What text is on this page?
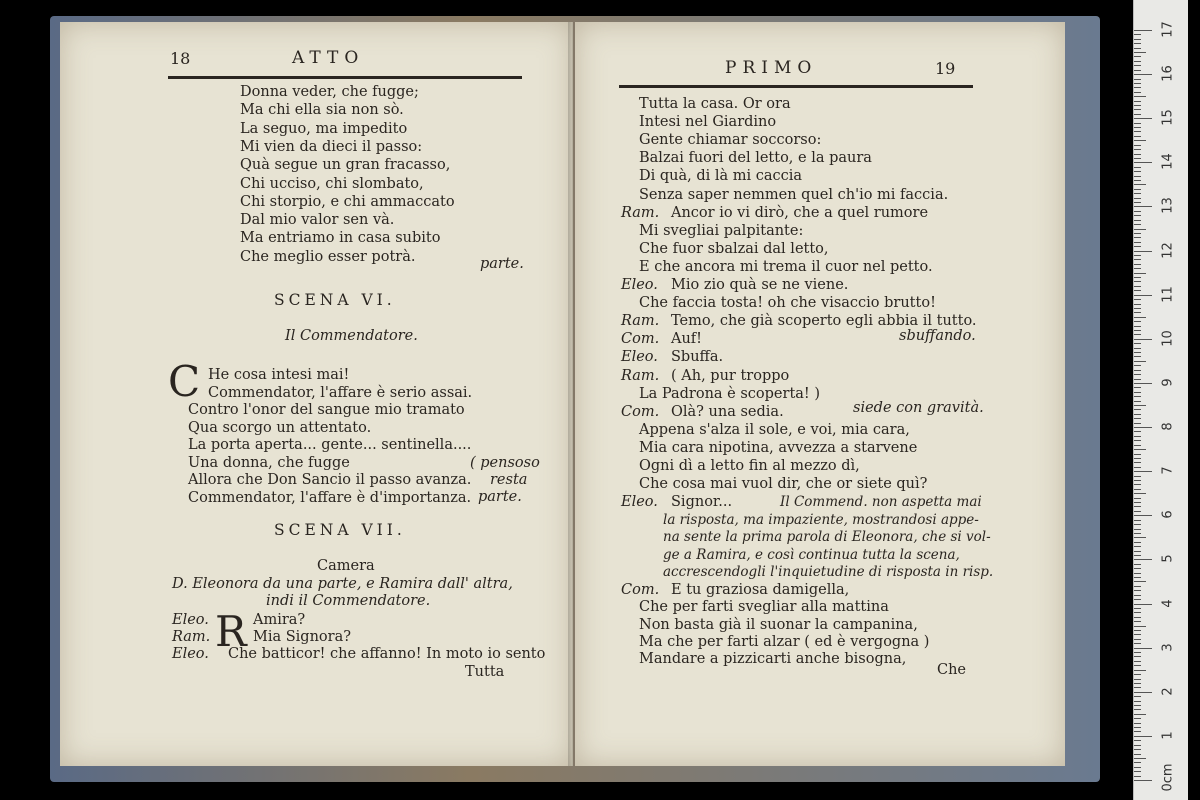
18	ATTO
Donna veder, che fugge;
Ma chi ella sia non sò.
La seguo, ma impedito
Mi vien da dieci il passo:
Quà segue un gran fracasso,
Chi ucciso, chi slombato,
Chi storpio, e chi ammaccato
Dal mio valor sen và.
Ma entriamo in casa subito
Che meglio esser potrà.	parte.
SCENA VI.
Il Commendatore.
C He cosa intesi mai!
Commendator, l'affare è serio assai.
Contro l'onor del sangue mio tramato
Qua scorgo un attentato.
La porta aperta... gente... sentinella....
Una donna, che fugge
Allora che Don Sancio il passo avanza.
Commendator, l'affare è d'importanza.
( pensoso
resta
parte.
SCENA VII.
Camera
D. Eleonora da una parte, e Ramira dall' altra,
indi il Commendatore.
R
Eleo.	Amira?
Ram.	Mia Signora?
Eleo. Che batticor! che affanno! In moto io sento
Tutta
PRIMO	19
Tutta la casa. Or ora
Intesi nel Giardino
Gente chiamar soccorso:
Balzai fuori del letto, e la paura
Di quà, di là mi caccia
Senza saper nemmen quel ch'io mi faccia.
Ram. Ancor io vi dirò, che a quel rumore
Mi svegliai palpitante:
Che fuor sbalzai dal letto,
E che ancora mi trema il cuor nel petto.
Eleo. Mio zio quà se ne viene.
Che faccia tosta! oh che visaccio brutto!
Ram. Temo, che già scoperto egli abbia il tutto.
Com. Auf!
Eleo. Sbuffa.
Ram. ( Ah, pur troppo
La Padrona è scoperta! )
Com. Olà? una sedia.
Appena s'alza il sole, e voi, mia cara,
Mia cara nipotina, avvezza a starvene
Ogni dì a letto fin al mezzo dì,
Che cosa mai vuol dir, che or siete quì?
Eleo. Signor...
sbuffando.
siede con gravità.
Il Commend. non aspetta mai
la risposta, ma impaziente, mostrandosi appe-
na sente la prima parola di Eleonora, che si vol-
ge a Ramira, e così continua tutta la scena,
accrescendogli l'inquietudine di risposta in risp.
Com. E tu graziosa damigella,
Che per farti svegliar alla mattina
Non basta già il suonar la campanina,
Ma che per farti alzar ( ed è vergogna )
Mandare a pizzicarti anche bisogna,
Che
17
16
15
14
13
12
11
10
9
8
7
6
5
4
3
2
1
0cm
